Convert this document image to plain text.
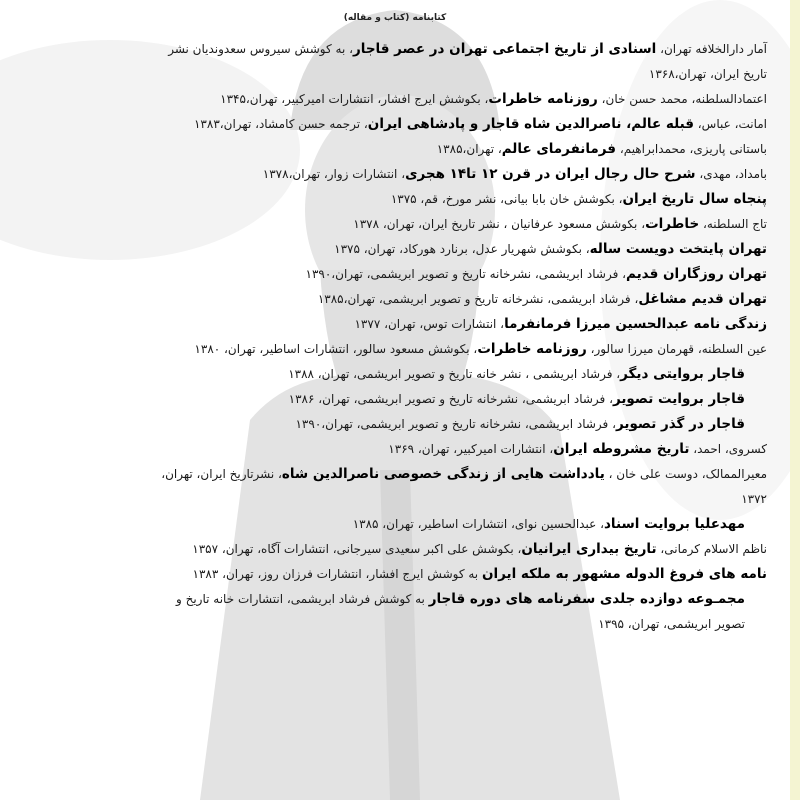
کتابنامه (کتاب و مقاله)

آمار دارالخلافه تهران، اسنادی از تاریخ اجتماعی تهران در عصر قاجار، به کوشش سیروس سعدوندیان نشر تاریخ ایران، تهران،۱۳۶۸

اعتمادالسلطنه، محمد حسن خان، روزنامه خاطرات، بکوشش ایرج افشار، انتشارات امیرکبیر، تهران،۱۳۴۵

امانت، عباس، قبله عالم، ناصرالدین شاه قاجار و پادشاهی ایران، ترجمه حسن کامشاد، تهران،۱۳۸۳

باستانی پاریزی، محمدابراهیم، فرمانفرمای عالم، تهران،۱۳۸۵

بامداد، مهدی، شرح حال رجال ایران در قرن ۱۲ تا۱۴ هجری، انتشارات زوار، تهران،۱۳۷۸

پنجاه سال تاریخ ایران، بکوشش خان بابا بیانی، نشر مورخ، قم، ۱۳۷۵

تاج السلطنه، خاطرات، بکوشش مسعود عرفانیان ، نشر تاریخ ایران، تهران، ۱۳۷۸

تهران پایتخت دویست ساله، بکوشش شهریار عدل، برنارد هورکاد، تهران، ۱۳۷۵

تهران روزگاران قدیم، فرشاد ابریشمی، نشرخانه تاریخ و تصویر ابریشمی، تهران،۱۳۹۰

تهران قدیم مشاغل، فرشاد ابریشمی، نشرخانه تاریخ و تصویر ابریشمی، تهران،۱۳۸۵

زندگی نامه عبدالحسین میرزا فرمانفرما، انتشارات توس، تهران، ۱۳۷۷

عین السلطنه، قهرمان میرزا سالور، روزنامه خاطرات، بکوشش مسعود سالور، انتشارات اساطیر، تهران، ۱۳۸۰

قاجار بروایتی دیگر، فرشاد ابریشمی ، نشر خانه تاریخ و تصویر ابریشمی، تهران، ۱۳۸۸

قاجار بروایت تصویر، فرشاد ابریشمی، نشرخانه تاریخ و تصویر ابریشمی، تهران، ۱۳۸۶

قاجار در گذر تصویر، فرشاد ابریشمی، نشرخانه تاریخ و تصویر ابریشمی، تهران،۱۳۹۰

کسروی، احمد، تاریخ مشروطه ایران، انتشارات امیرکبیر، تهران، ۱۳۶۹

معیرالممالک، دوست علی خان ، یادداشت هایی از زندگی خصوصی ناصرالدین شاه، نشرتاریخ ایران، تهران، ۱۳۷۲

مهدعلیا بروایت اسناد، عبدالحسین نوای، انتشارات اساطیر، تهران، ۱۳۸۵

ناظم الاسلام کرمانی، تاریخ بیداری ایرانیان، بکوشش علی اکبر سعیدی سیرجانی، انتشارات آگاه، تهران، ۱۳۵۷

نامه های فروغ الدوله مشهور به ملکه ایران به کوشش ایرج افشار، انتشارات فرزان روز، تهران، ۱۳۸۳

مجمـوعه دوازده جلدی سفرنامه های دوره قاجار به کوشش فرشاد ابریشمی، انتشارات خانه تاریخ و تصویر ابریشمی، تهران، ۱۳۹۵
